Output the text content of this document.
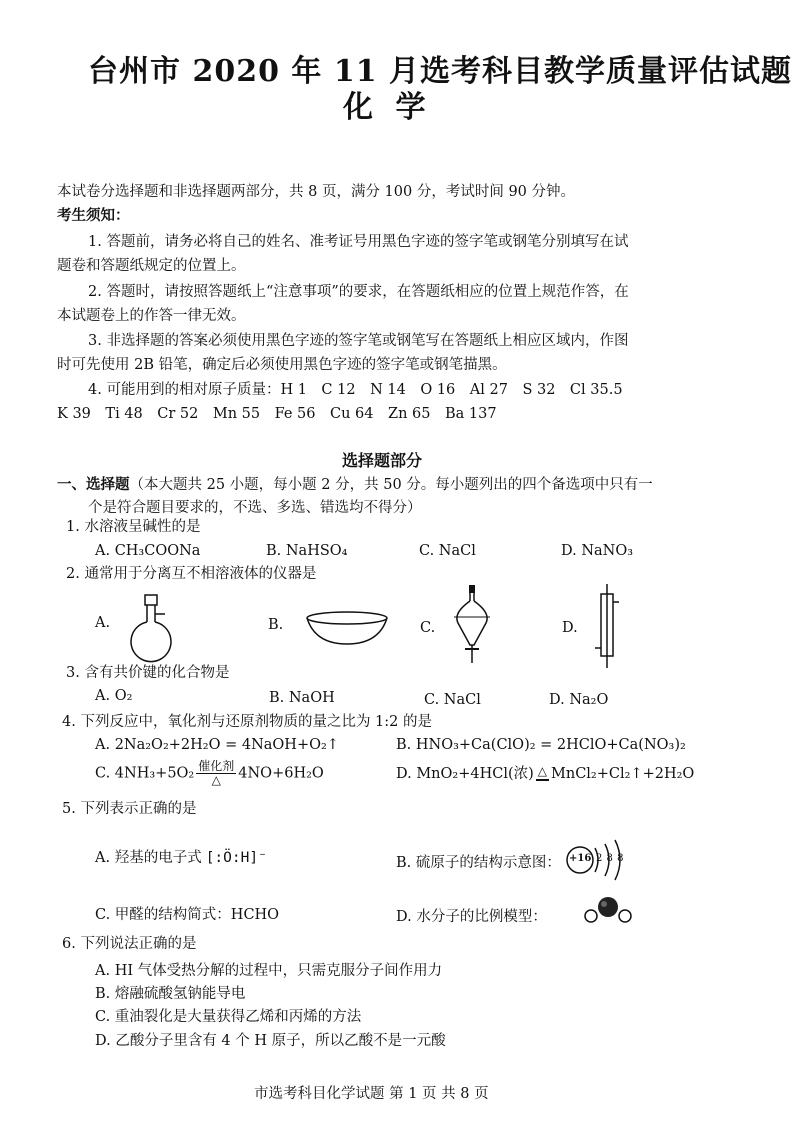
台州市 2020 年 11 月选考科目教学质量评估试题
化 学
本试卷分选择题和非选择题两部分，共 8 页，满分 100 分，考试时间 90 分钟。
考生须知：
1. 答题前，请务必将自己的姓名、准考证号用黑色字迹的签字笔或钢笔分别填写在试
题卷和答题纸规定的位置上。
2. 答题时，请按照答题纸上“注意事项”的要求，在答题纸相应的位置上规范作答，在
本试题卷上的作答一律无效。
3. 非选择题的答案必须使用黑色字迹的签字笔或钢笔写在答题纸上相应区域内，作图
时可先使用 2B 铅笔，确定后必须使用黑色字迹的签字笔或钢笔描黑。
4. 可能用到的相对原子质量：H 1　C 12　N 14　O 16　Al 27　S 32　Cl 35.5
K 39　Ti 48　Cr 52　Mn 55　Fe 56　Cu 64　Zn 65　Ba 137
选择题部分
一、选择题（本大题共 25 小题，每小题 2 分，共 50 分。每小题列出的四个备选项中只有一
个是符合题目要求的，不选、多选、错选均不得分）
1. 水溶液呈碱性的是
A. CH₃COONa	B. NaHSO₄	C. NaCl	D. NaNO₃
2. 通常用于分离互不相溶液体的仪器是
A.	B.	C.	D.
3. 含有共价键的化合物是
A. O₂	B. NaOH	C. NaCl	D. Na₂O
4. 下列反应中，氧化剂与还原剂物质的量之比为 1:2 的是
A. 2Na₂O₂+2H₂O = 4NaOH+O₂↑	B. HNO₃+Ca(ClO)₂ = 2HClO+Ca(NO₃)₂
C. $4NH_3+5O_2 \frac{\text{催化剂}}{\triangle} 4NO+6H_2O$	D. MnO₂+4HCl(浓) △ MnCl₂+Cl₂↑+2H₂O
5. 下列表示正确的是
A. 羟基的电子式 [:Ö:H]⁻	B. 硫原子的结构示意图： +16 2 8 8
C. 甲醛的结构简式：HCHO	D. 水分子的比例模型：
6. 下列说法正确的是
A. HI 气体受热分解的过程中，只需克服分子间作用力
B. 熔融硫酸氢钠能导电
C. 重油裂化是大量获得乙烯和丙烯的方法
D. 乙酸分子里含有 4 个 H 原子，所以乙酸不是一元酸
市选考科目化学试题 第 1 页 共 8 页
